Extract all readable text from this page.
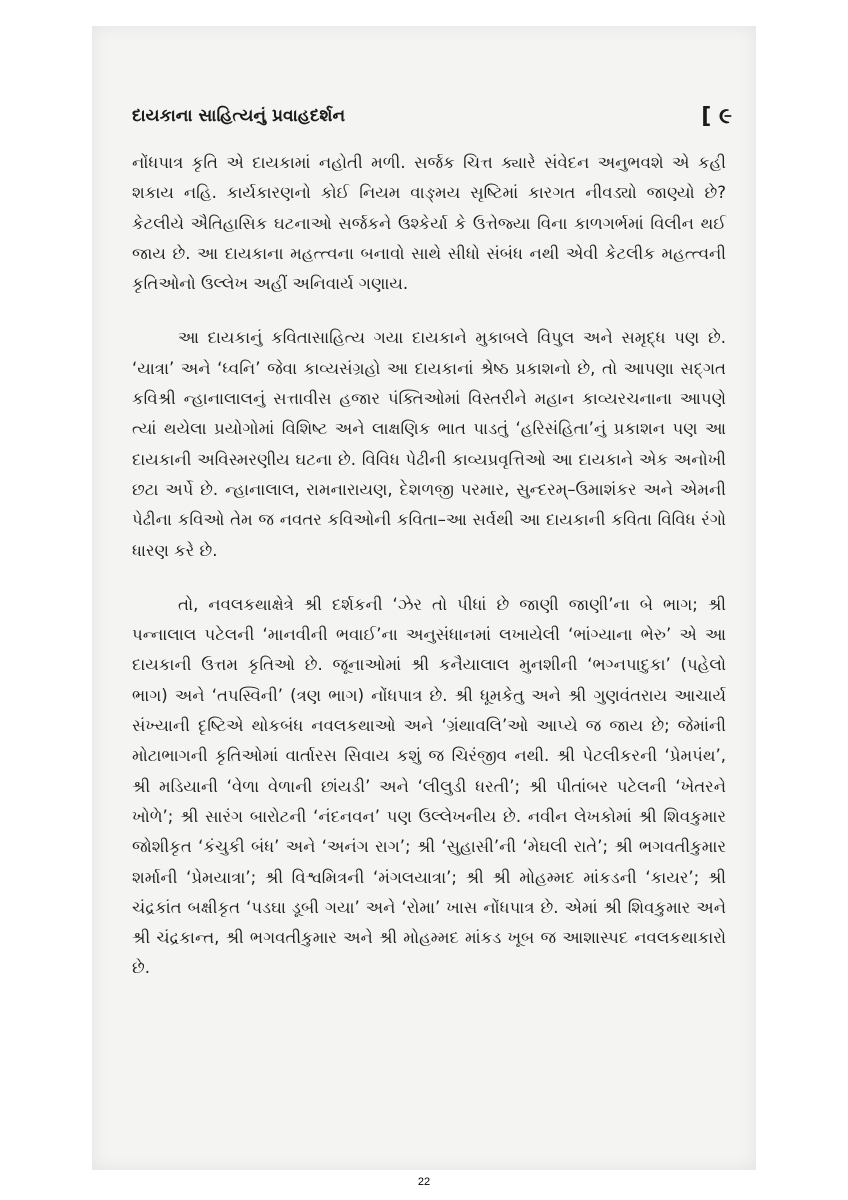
દાયકાના સાહિત્યનું પ્રવાહદર્શન	[ ૯

નોંધપાત્ર કૃતિ એ દાયકામાં નહોતી મળી. સર્જક ચિત્ત ક્યારે સંવેદન અનુભવશે એ કહી શકાય નહિ. કાર્યકારણનો કોઈ નિયમ વાઙ્મય સૃષ્ટિમાં કારગત નીવડ્યો જાણ્યો છે? કેટલીયે ઐતિહાસિક ઘટનાઓ સર્જકને ઉશ્કેર્યા કે ઉત્તેજ્યા વિના કાળગર્ભમાં વિલીન થઈ જાય છે. આ દાયકાના મહત્ત્વના બનાવો સાથે સીધો સંબંધ નથી એવી કેટલીક મહત્ત્વની કૃતિઓનો ઉલ્લેખ અહીં અનિવાર્ય ગણાય.

આ દાયકાનું કવિતાસાહિત્ય ગયા દાયકાને મુકાબલે વિપુલ અને સમૃદ્ધ પણ છે. ‘યાત્રા’ અને ‘ધ્વનિ’ જેવા કાવ્યસંગ્રહો આ દાયકાનાં શ્રેષ્ઠ પ્રકાશનો છે, તો આપણા સદ્ગત કવિશ્રી ન્હાનાલાલનું સત્તાવીસ હજાર પંક્તિઓમાં વિસ્તરીને મહાન કાવ્યરચનાના આપણે ત્યાં થયેલા પ્રયોગોમાં વિશિષ્ટ અને લાક્ષણિક ભાત પાડતું ‘હરિસંહિતા’નું પ્રકાશન પણ આ દાયકાની અવિસ્મરણીય ઘટના છે. વિવિધ પેઢીની કાવ્યપ્રવૃત્તિઓ આ દાયકાને એક અનોખી છટા અર્પે છે. ન્હાનાલાલ, રામનારાયણ, દેશળજી પરમાર, સુન્દરમ્–ઉમાશંકર અને એમની પેઢીના કવિઓ તેમ જ નવતર કવિઓની કવિતા–આ સર્વથી આ દાયકાની કવિતા વિવિધ રંગો ધારણ કરે છે.

તો, નવલકથાક્ષેત્રે શ્રી દર્શકની ‘ઝેર તો પીધાં છે જાણી જાણી’ના બે ભાગ; શ્રી પન્નાલાલ પટેલની ‘માનવીની ભવાઈ’ના અનુસંધાનમાં લખાયેલી ‘ભાંગ્યાના ભેરુ’ એ આ દાયકાની ઉત્તમ કૃતિઓ છે. જૂનાઓમાં શ્રી કનૈયાલાલ મુનશીની ‘ભગ્નપાદુકા’ (પહેલો ભાગ) અને ‘તપસ્વિની’ (ત્રણ ભાગ) નોંધપાત્ર છે. શ્રી ધૂમકેતુ અને શ્રી ગુણવંતરાય આચાર્ય સંખ્યાની દૃષ્ટિએ થોકબંધ નવલકથાઓ અને ‘ગ્રંથાવલિ’ઓ આપ્યે જ જાય છે; જેમાંની મોટાભાગની કૃતિઓમાં વાર્તારસ સિવાય કશું જ ચિરંજીવ નથી. શ્રી પેટલીકરની ‘પ્રેમપંથ’, શ્રી મડિયાની ‘વેળા વેળાની છાંયડી’ અને ‘લીલુડી ધરતી’; શ્રી પીતાંબર પટેલની ‘ખેતરને ખોળે’; શ્રી સારંગ બારોટની ‘નંદનવન’ પણ ઉલ્લેખનીય છે. નવીન લેખકોમાં શ્રી શિવકુમાર જોશીકૃત ‘કંચુકી બંધ’ અને ‘અનંગ રાગ’; શ્રી ‘સુહાસી’ની ‘મેઘલી રાતે’; શ્રી ભગવતીકુમાર શર્માની ‘પ્રેમયાત્રા’; શ્રી વિશ્વમિત્રની ‘મંગલયાત્રા’; શ્રી શ્રી મોહમ્મદ માંકડની ‘કાયર’; શ્રી ચંદ્રકાંત બક્ષીકૃત ‘પડઘા ડૂબી ગયા’ અને ‘રોમા’ ખાસ નોંધપાત્ર છે. એમાં શ્રી શિવકુમાર અને શ્રી ચંદ્રકાન્ત, શ્રી ભગવતીકુમાર અને શ્રી મોહમ્મદ માંકડ ખૂબ જ આશાસ્પદ નવલકથાકારો છે.

22
